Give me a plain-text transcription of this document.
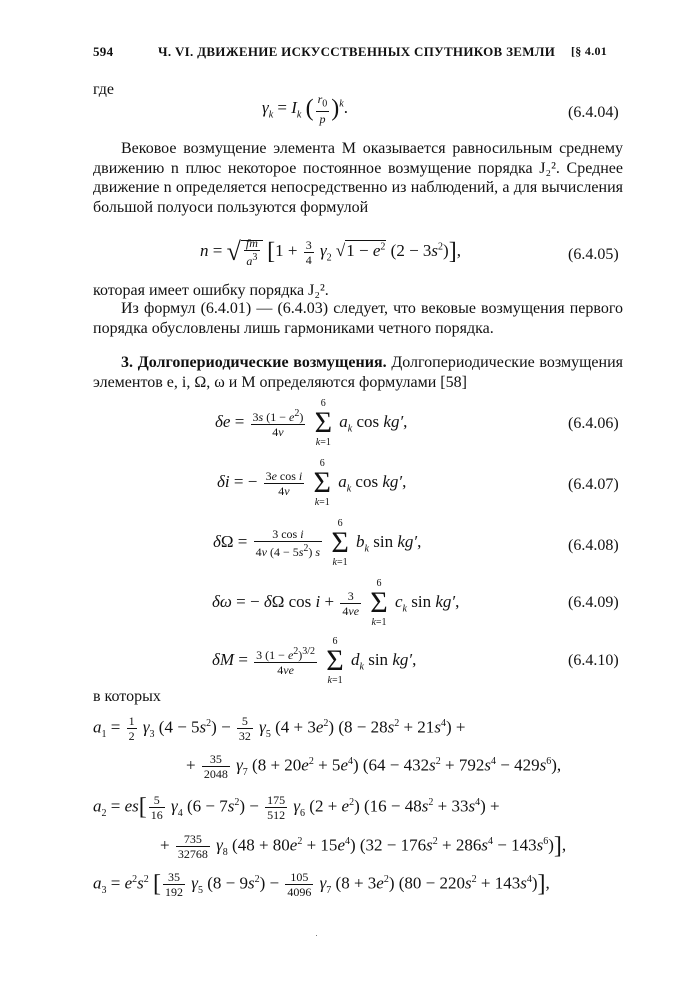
594	Ч. VI. ДВИЖЕНИЕ ИСКУССТВЕННЫХ СПУТНИКОВ ЗЕМЛИ [§ 4.01
где
$\gamma_k = I_k$ ( $\frac{r_0}{p} )^k$.	(6.4.04)
Вековое возмущение элемента M оказывается равносильным среднему движению n плюс некоторое постоянное возмущение порядка J₂². Среднее движение n определяется непосредственно из наблюдений, а для вычисления большой полуоси пользуются формулой
n = √ $\frac{fm}{a^3} [1 + \frac{3}{4} \gamma_2$ $√1 - e^2$ $(2 - 3s^2)$],	(6.4.05)
которая имеет ошибку порядка J₂².
Из формул (6.4.01) — (6.4.03) следует, что вековые возмущения первого порядка обусловлены лишь гармониками четного порядка.
3. Долгопериодические возмущения. Долгопериодические возмущения элементов e, i, Ω, ω и M определяются формулами [58]
$\delta e = \frac{3s (1 - e^2)}{4\nu}$

6
Σ
k=1
$a_k$ cos kg′,	(6.4.06)
δi = − $\frac{\text{3e cos i}}{4\nu}$

6
Σ
k=1
$a_k$ cos kg′,	(6.4.07)
$\delta\Omega = \frac{\text{3 cos i}}{4\nu (4 - 5s^2) s}$

6
Σ
k=1
$b_k$ sin kg′,	(6.4.08)
δω = − δΩ $\cos i + \frac{3}{4\nu e}$

6
Σ
k=1
$c_k$ sin kg′,	(6.4.09)
$\delta M = \frac{3 (1 - e^2)^{3/2}}{4\nu e}$

6
Σ
k=1
$d_k$ sin kg′,	(6.4.10)
в которых
$a_1 = \frac{1}{2} \gamma_3$ $(4 - 5s^2) - \frac{5}{32} \gamma_5$ $(4 + 3e^2)$ $(8 - 28s^2 + 21s^4)$ +
+ $\frac{35}{2048} \gamma_7$ $(8 + 20e^2 + 5e^4)$ $(64 - 432s^2 + 792s^4 - 429s^6)$,
$a_2 = es[ \frac{5}{16} \gamma_4$ $(6 - 7s^2) - \frac{175}{512} \gamma_6$ $(2 + e^2)$ $(16 - 48s^2 + 33s^4)$ +
+ $\frac{735}{32768} \gamma_8$ $(48 + 80e^2 + 15e^4)$ $(32 - 176s^2 + 286s^4 - 143s^6)$],
$a_3 = e^2s^2$ [ $\frac{35}{192} \gamma_5$ $(8 - 9s^2) - \frac{105}{4096} \gamma_7$ $(8 + 3e^2)$ $(80 - 220s^2 + 143s^4)$],
